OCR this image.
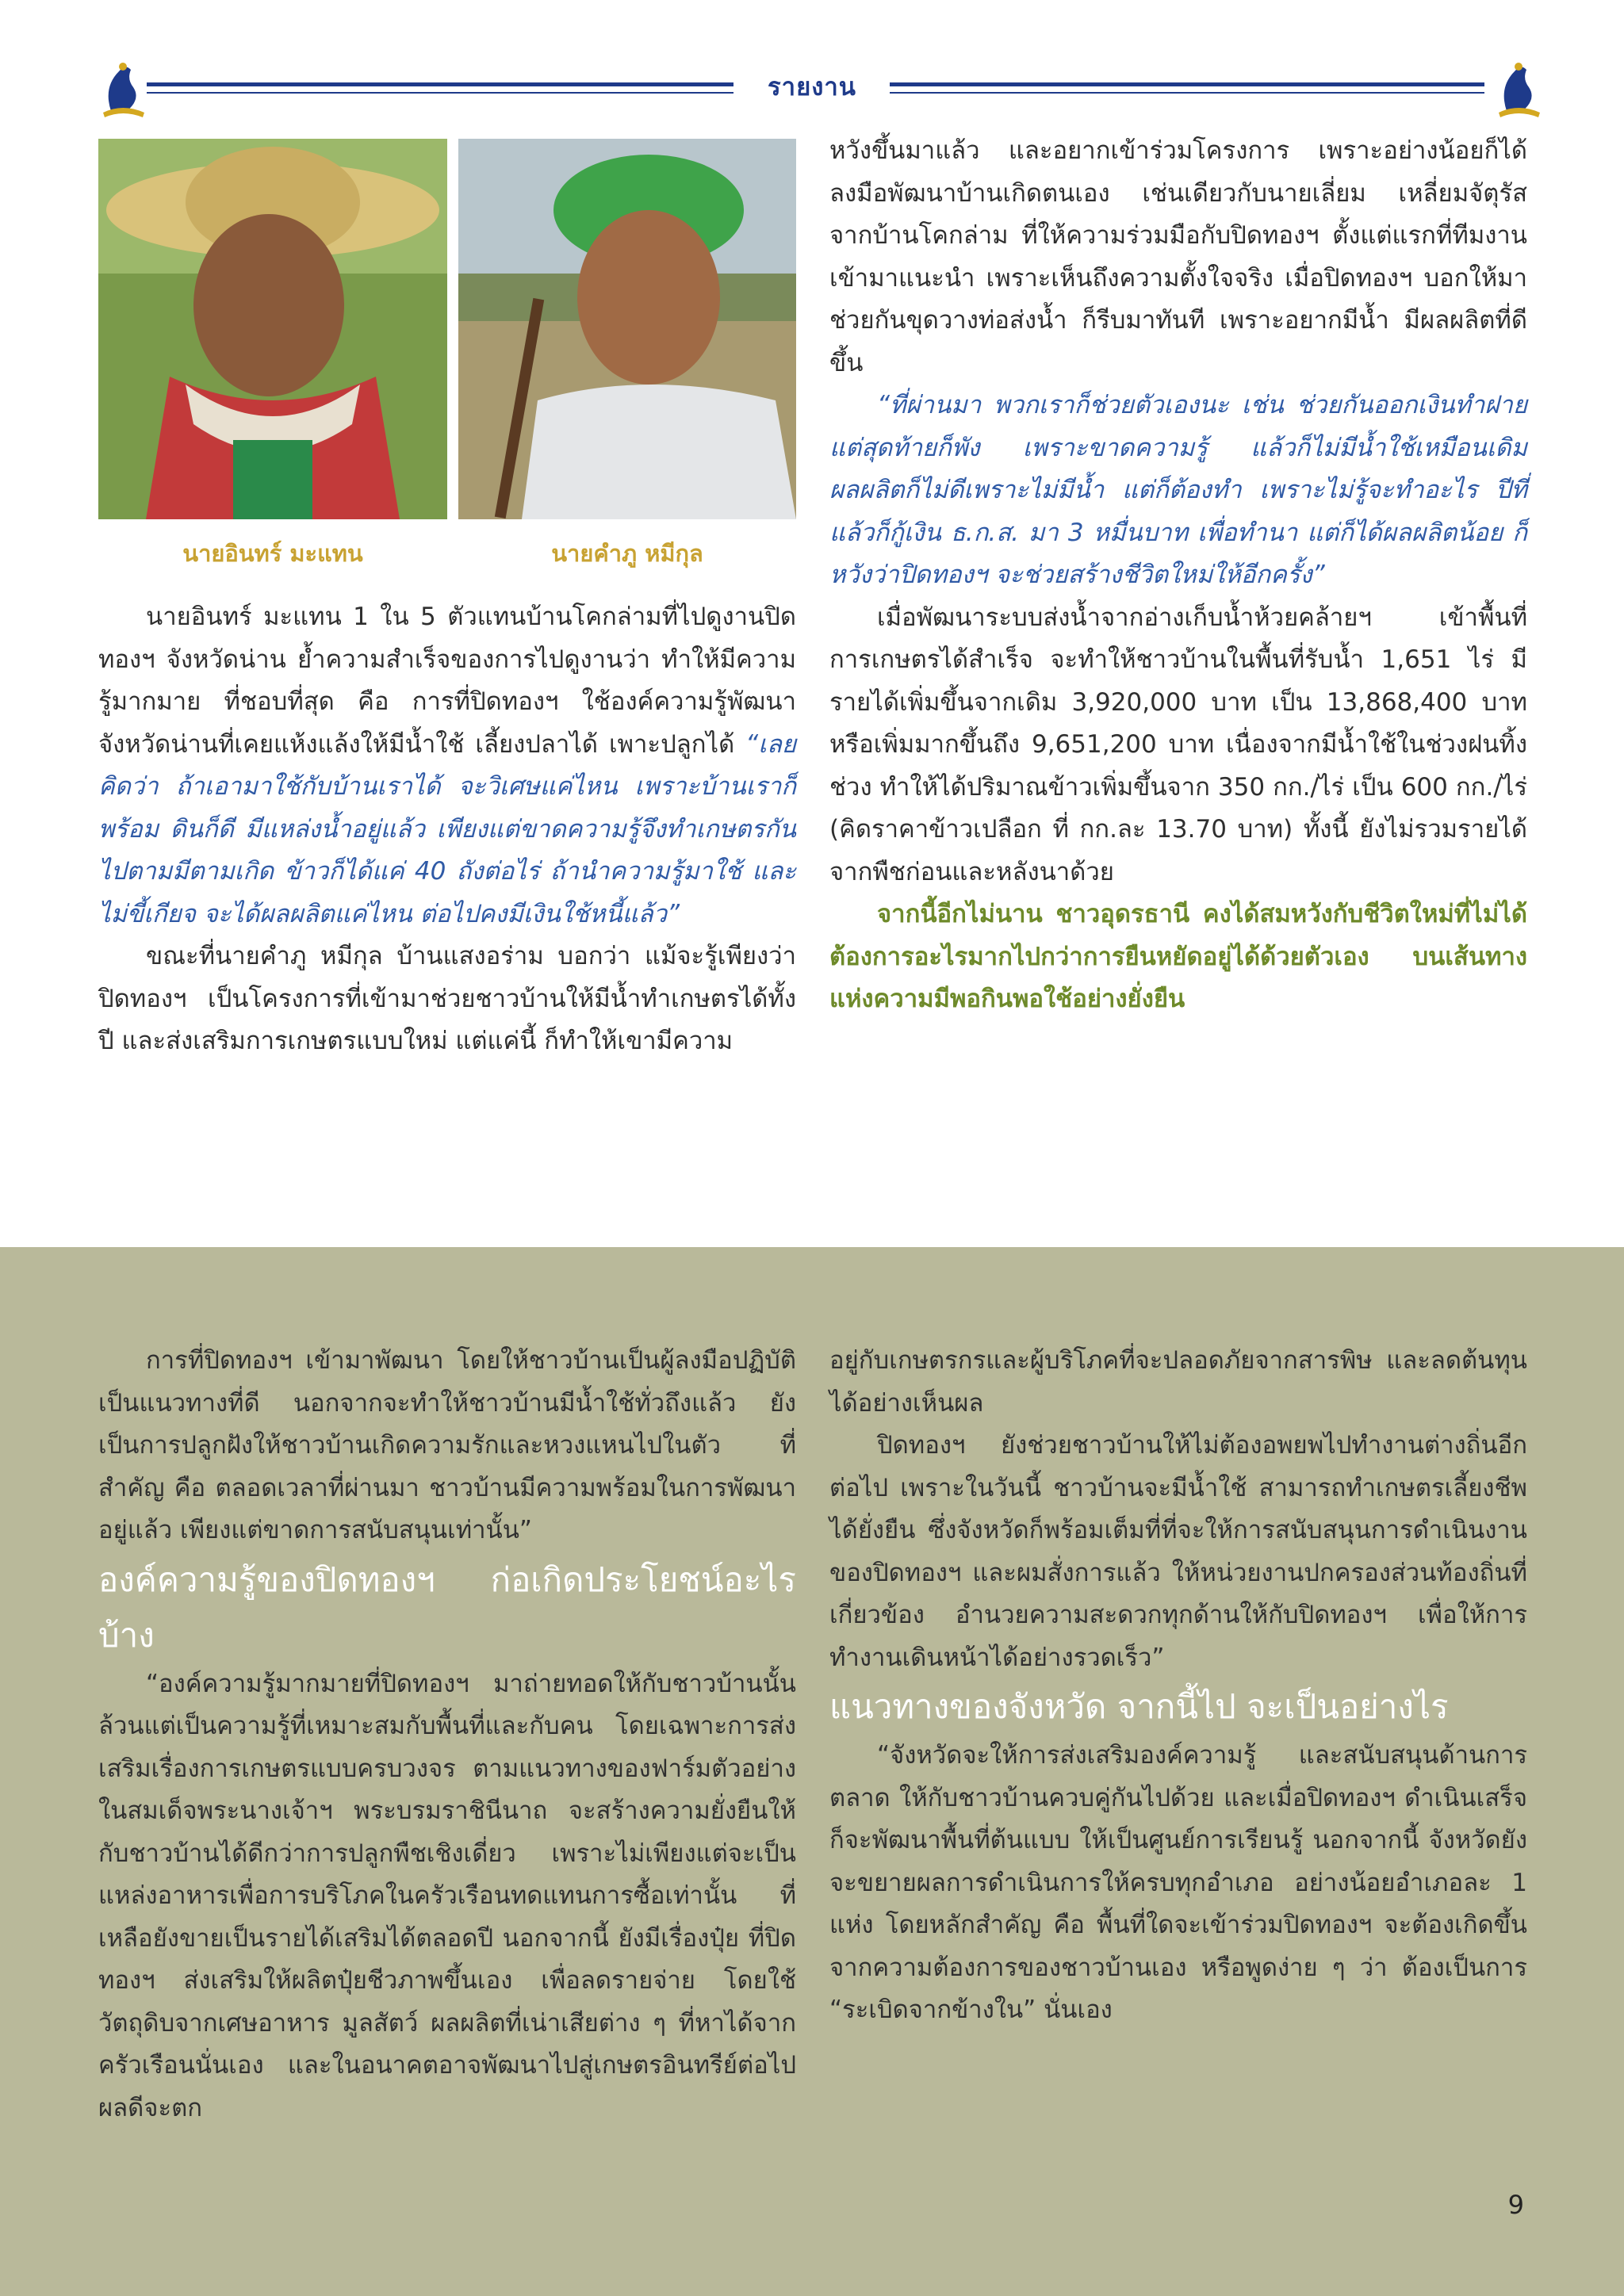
รายงาน
นายอินทร์ มะแทน	นายคำภู หมีกุล

นายอินทร์ มะแทน 1 ใน 5 ตัวแทนบ้านโคกล่ามที่ไปดูงานปิดทองฯ จังหวัดน่าน ย้ำความสำเร็จของการไปดูงานว่า ทำให้มีความรู้มากมาย ที่ชอบที่สุด คือ การที่ปิดทองฯ ใช้องค์ความรู้พัฒนาจังหวัดน่านที่เคยแห้งแล้งให้มีน้ำใช้ เลี้ยงปลาได้ เพาะปลูกได้ “เลยคิดว่า ถ้าเอามาใช้กับบ้านเราได้ จะวิเศษแค่ไหน เพราะบ้านเราก็พร้อม ดินก็ดี มีแหล่งน้ำอยู่แล้ว เพียงแต่ขาดความรู้จึงทำเกษตรกันไปตามมีตามเกิด ข้าวก็ได้แค่ 40 ถังต่อไร่ ถ้านำความรู้มาใช้ และไม่ขี้เกียจ จะได้ผลผลิตแค่ไหน ต่อไปคงมีเงินใช้หนี้แล้ว”

ขณะที่นายคำภู หมีกุล บ้านแสงอร่าม บอกว่า แม้จะรู้เพียงว่าปิดทองฯ เป็นโครงการที่เข้ามาช่วยชาวบ้านให้มีน้ำทำเกษตรได้ทั้งปี และส่งเสริมการเกษตรแบบใหม่ แต่แค่นี้ ก็ทำให้เขามีความ

หวังขึ้นมาแล้ว และอยากเข้าร่วมโครงการ เพราะอย่างน้อยก็ได้ลงมือพัฒนาบ้านเกิดตนเอง เช่นเดียวกับนายเลี่ยม เหลี่ยมจัตุรัส จากบ้านโคกล่าม ที่ให้ความร่วมมือกับปิดทองฯ ตั้งแต่แรกที่ทีมงานเข้ามาแนะนำ เพราะเห็นถึงความตั้งใจจริง เมื่อปิดทองฯ บอกให้มาช่วยกันขุดวางท่อส่งน้ำ ก็รีบมาทันที เพราะอยากมีน้ำ มีผลผลิตที่ดีขึ้น

“ที่ผ่านมา พวกเราก็ช่วยตัวเองนะ เช่น ช่วยกันออกเงินทำฝาย แต่สุดท้ายก็พัง เพราะขาดความรู้ แล้วก็ไม่มีน้ำใช้เหมือนเดิม ผลผลิตก็ไม่ดีเพราะไม่มีน้ำ แต่ก็ต้องทำ เพราะไม่รู้จะทำอะไร ปีที่แล้วก็กู้เงิน ธ.ก.ส. มา 3 หมื่นบาท เพื่อทำนา แต่ก็ได้ผลผลิตน้อย ก็หวังว่าปิดทองฯ จะช่วยสร้างชีวิตใหม่ให้อีกครั้ง”

เมื่อพัฒนาระบบส่งน้ำจากอ่างเก็บน้ำห้วยคล้ายฯ เข้าพื้นที่การเกษตรได้สำเร็จ จะทำให้ชาวบ้านในพื้นที่รับน้ำ 1,651 ไร่ มีรายได้เพิ่มขึ้นจากเดิม 3,920,000 บาท เป็น 13,868,400 บาท หรือเพิ่มมากขึ้นถึง 9,651,200 บาท เนื่องจากมีน้ำใช้ในช่วงฝนทิ้งช่วง ทำให้ได้ปริมาณข้าวเพิ่มขึ้นจาก 350 กก./ไร่ เป็น 600 กก./ไร่ (คิดราคาข้าวเปลือก ที่ กก.ละ 13.70 บาท) ทั้งนี้ ยังไม่รวมรายได้จากพืชก่อนและหลังนาด้วย

จากนี้อีกไม่นาน ชาวอุดรธานี คงได้สมหวังกับชีวิตใหม่ที่ไม่ได้ต้องการอะไรมากไปกว่าการยืนหยัดอยู่ได้ด้วยตัวเอง บนเส้นทางแห่งความมีพอกินพอใช้อย่างยั่งยืน

การที่ปิดทองฯ เข้ามาพัฒนา โดยให้ชาวบ้านเป็นผู้ลงมือปฏิบัติ เป็นแนวทางที่ดี นอกจากจะทำให้ชาวบ้านมีน้ำใช้ทั่วถึงแล้ว ยังเป็นการปลูกฝังให้ชาวบ้านเกิดความรักและหวงแหนไปในตัว ที่สำคัญ คือ ตลอดเวลาที่ผ่านมา ชาวบ้านมีความพร้อมในการพัฒนาอยู่แล้ว เพียงแต่ขาดการสนับสนุนเท่านั้น”

องค์ความรู้ของปิดทองฯ ก่อเกิดประโยชน์อะไรบ้าง

“องค์ความรู้มากมายที่ปิดทองฯ มาถ่ายทอดให้กับชาวบ้านนั้น ล้วนแต่เป็นความรู้ที่เหมาะสมกับพื้นที่และกับคน โดยเฉพาะการส่งเสริมเรื่องการเกษตรแบบครบวงจร ตามแนวทางของฟาร์มตัวอย่างในสมเด็จพระนางเจ้าฯ พระบรมราชินีนาถ จะสร้างความยั่งยืนให้กับชาวบ้านได้ดีกว่าการปลูกพืชเชิงเดี่ยว เพราะไม่เพียงแต่จะเป็นแหล่งอาหารเพื่อการบริโภคในครัวเรือนทดแทนการซื้อเท่านั้น ที่เหลือยังขายเป็นรายได้เสริมได้ตลอดปี นอกจากนี้ ยังมีเรื่องปุ๋ย ที่ปิดทองฯ ส่งเสริมให้ผลิตปุ๋ยชีวภาพขึ้นเอง เพื่อลดรายจ่าย โดยใช้วัตถุดิบจากเศษอาหาร มูลสัตว์ ผลผลิตที่เน่าเสียต่าง ๆ ที่หาได้จากครัวเรือนนั่นเอง และในอนาคตอาจพัฒนาไปสู่เกษตรอินทรีย์ต่อไป ผลดีจะตก

อยู่กับเกษตรกรและผู้บริโภคที่จะปลอดภัยจากสารพิษ และลดต้นทุนได้อย่างเห็นผล

ปิดทองฯ ยังช่วยชาวบ้านให้ไม่ต้องอพยพไปทำงานต่างถิ่นอีกต่อไป เพราะในวันนี้ ชาวบ้านจะมีน้ำใช้ สามารถทำเกษตรเลี้ยงชีพได้ยั่งยืน ซึ่งจังหวัดก็พร้อมเต็มที่ที่จะให้การสนับสนุนการดำเนินงานของปิดทองฯ และผมสั่งการแล้ว ให้หน่วยงานปกครองส่วนท้องถิ่นที่เกี่ยวข้อง อำนวยความสะดวกทุกด้านให้กับปิดทองฯ เพื่อให้การทำงานเดินหน้าได้อย่างรวดเร็ว”

แนวทางของจังหวัด จากนี้ไป จะเป็นอย่างไร

“จังหวัดจะให้การส่งเสริมองค์ความรู้ และสนับสนุนด้านการตลาด ให้กับชาวบ้านควบคู่กันไปด้วย และเมื่อปิดทองฯ ดำเนินเสร็จ ก็จะพัฒนาพื้นที่ต้นแบบ ให้เป็นศูนย์การเรียนรู้ นอกจากนี้ จังหวัดยังจะขยายผลการดำเนินการให้ครบทุกอำเภอ อย่างน้อยอำเภอละ 1 แห่ง โดยหลักสำคัญ คือ พื้นที่ใดจะเข้าร่วมปิดทองฯ จะต้องเกิดขึ้นจากความต้องการของชาวบ้านเอง หรือพูดง่าย ๆ ว่า ต้องเป็นการ “ระเบิดจากข้างใน” นั่นเอง

9
